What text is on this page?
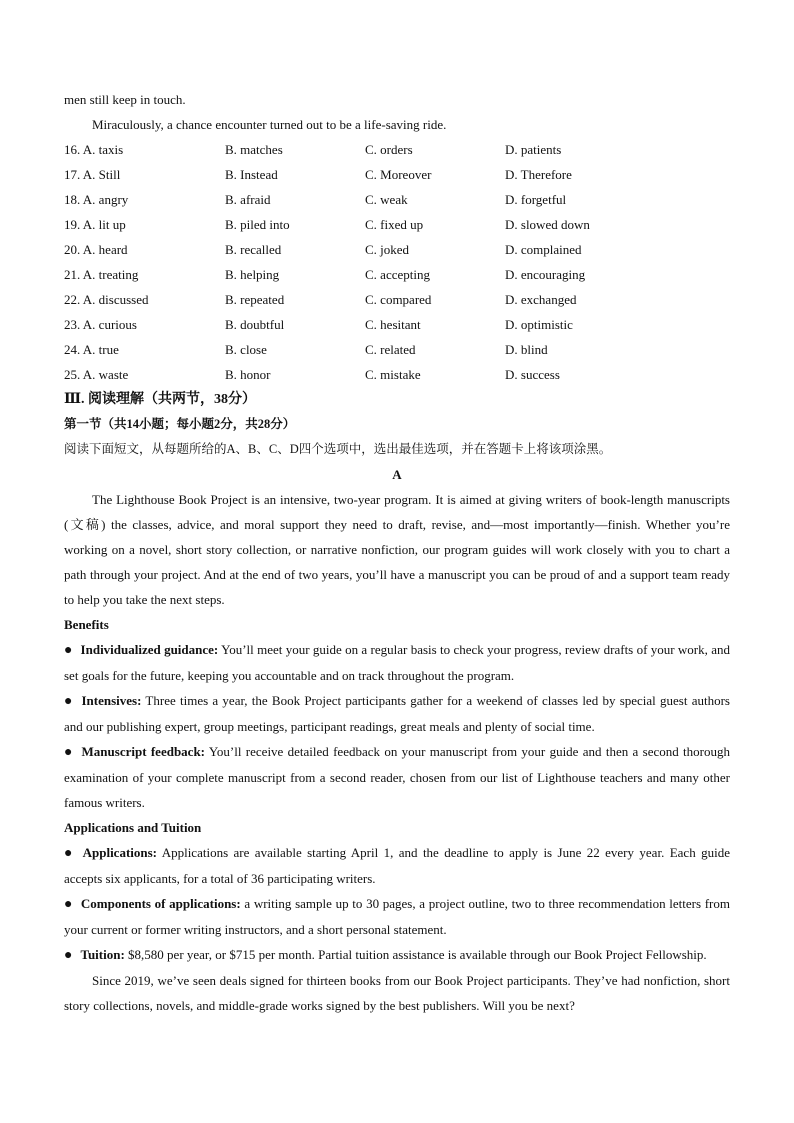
men still keep in touch.
Miraculously, a chance encounter turned out to be a life-saving ride.
16. A. taxis	B. matches	C. orders	D. patients
17. A. Still	B. Instead	C. Moreover	D. Therefore
18. A. angry	B. afraid	C. weak	D. forgetful
19. A. lit up	B. piled into	C. fixed up	D. slowed down
20. A. heard	B. recalled	C. joked	D. complained
21. A. treating	B. helping	C. accepting	D. encouraging
22. A. discussed	B. repeated	C. compared	D. exchanged
23. A. curious	B. doubtful	C. hesitant	D. optimistic
24. A. true	B. close	C. related	D. blind
25. A. waste	B. honor	C. mistake	D. success
Ⅲ. 阅读理解（共两节，38分）
第一节（共14小题；每小题2分，共28分）
阅读下面短文，从每题所给的A、B、C、D四个选项中，选出最佳选项，并在答题卡上将该项涂黑。
A

The Lighthouse Book Project is an intensive, two-year program. It is aimed at giving writers of book-length manuscripts (文稿) the classes, advice, and moral support they need to draft, revise, and—most importantly—finish. Whether you’re working on a novel, short story collection, or narrative nonfiction, our program guides will work closely with you to chart a path through your project. And at the end of two years, you’ll have a manuscript you can be proud of and a support team ready to help you take the next steps.

Benefits

● Individualized guidance: You’ll meet your guide on a regular basis to check your progress, review drafts of your work, and set goals for the future, keeping you accountable and on track throughout the program.

● Intensives: Three times a year, the Book Project participants gather for a weekend of classes led by special guest authors and our publishing expert, group meetings, participant readings, great meals and plenty of social time.

● Manuscript feedback: You’ll receive detailed feedback on your manuscript from your guide and then a second thorough examination of your complete manuscript from a second reader, chosen from our list of Lighthouse teachers and many other famous writers.

Applications and Tuition

● Applications: Applications are available starting April 1, and the deadline to apply is June 22 every year. Each guide accepts six applicants, for a total of 36 participating writers.

● Components of applications: a writing sample up to 30 pages, a project outline, two to three recommendation letters from your current or former writing instructors, and a short personal statement.

● Tuition: $8,580 per year, or $715 per month. Partial tuition assistance is available through our Book Project Fellowship.

Since 2019, we’ve seen deals signed for thirteen books from our Book Project participants. They’ve had nonfiction, short story collections, novels, and middle-grade works signed by the best publishers. Will you be next?
